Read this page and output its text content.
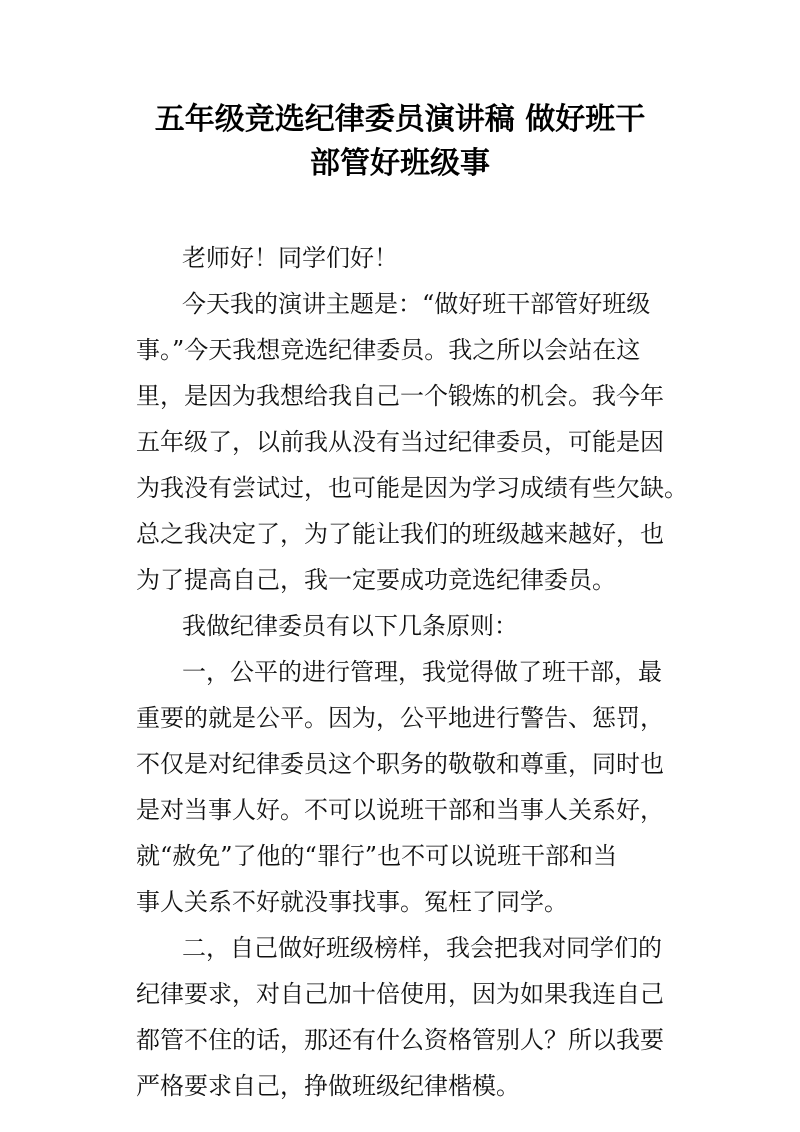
五年级竞选纪律委员演讲稿 做好班干
部管好班级事
老师好！同学们好！
今天我的演讲主题是：“做好班干部管好班级
事。”今天我想竞选纪律委员。我之所以会站在这
里，是因为我想给我自己一个锻炼的机会。我今年
五年级了，以前我从没有当过纪律委员，可能是因
为我没有尝试过，也可能是因为学习成绩有些欠缺。
总之我决定了，为了能让我们的班级越来越好，也
为了提高自己，我一定要成功竞选纪律委员。
我做纪律委员有以下几条原则：
一，公平的进行管理，我觉得做了班干部，最
重要的就是公平。因为，公平地进行警告、惩罚，
不仅是对纪律委员这个职务的敬敬和尊重，同时也
是对当事人好。不可以说班干部和当事人关系好，
就“赦免”了他的“罪行”也不可以说班干部和当
事人关系不好就没事找事。冤枉了同学。
二，自己做好班级榜样，我会把我对同学们的
纪律要求，对自己加十倍使用，因为如果我连自己
都管不住的话，那还有什么资格管别人？所以我要
严格要求自己，挣做班级纪律楷模。
